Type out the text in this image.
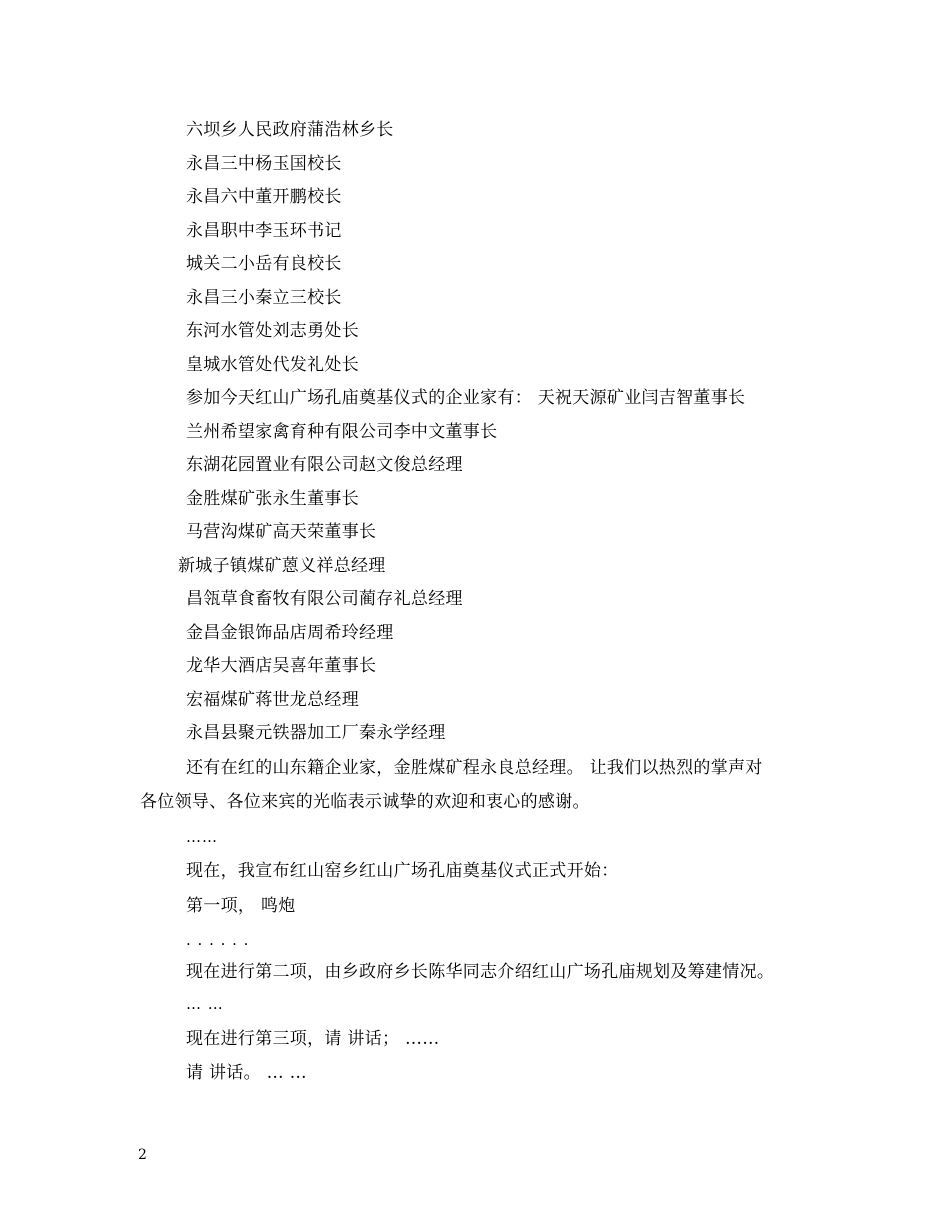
六坝乡人民政府蒲浩林乡长
永昌三中杨玉国校长
永昌六中董开鹏校长
永昌职中李玉环书记
城关二小岳有良校长
永昌三小秦立三校长
东河水管处刘志勇处长
皇城水管处代发礼处长
参加今天红山广场孔庙奠基仪式的企业家有： 天祝天源矿业闫吉智董事长
兰州希望家禽育种有限公司李中文董事长
东湖花园置业有限公司赵文俊总经理
金胜煤矿张永生董事长
马营沟煤矿高天荣董事长
新城子镇煤矿蒽义祥总经理
昌瓴草食畜牧有限公司蔺存礼总经理
金昌金银饰品店周希玲经理
龙华大酒店吴喜年董事长
宏福煤矿蒋世龙总经理
永昌县聚元铁器加工厂秦永学经理
还有在红的山东籍企业家，金胜煤矿程永良总经理。 让我们以热烈的掌声对
各位领导、各位来宾的光临表示诚挚的欢迎和衷心的感谢。
……
现在，我宣布红山窑乡红山广场孔庙奠基仪式正式开始：
第一项， 鸣炮
. . . . . .
现在进行第二项，由乡政府乡长陈华同志介绍红山广场孔庙规划及筹建情况。
… …
现在进行第三项，请 讲话； ……
请 讲话。 … …
2
